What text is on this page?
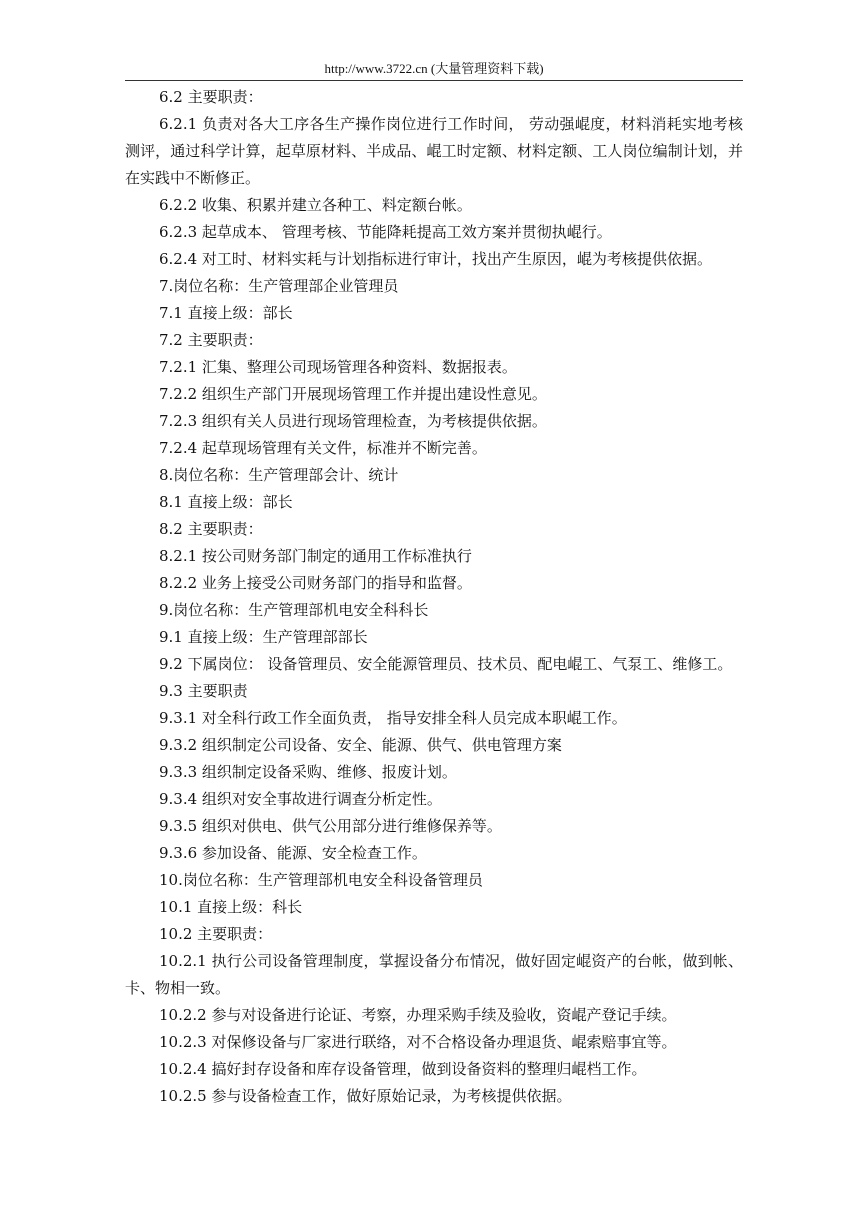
http://www.3722.cn (大量管理资料下载)

6.2 主要职责：

6.2.1 负责对各大工序各生产操作岗位进行工作时间， 劳动强崐度，材料消耗实地考核测评，通过科学计算，起草原材料、半成品、崐工时定额、材料定额、工人岗位编制计划，并在实践中不断修正。

6.2.2 收集、积累并建立各种工、料定额台帐。

6.2.3 起草成本、 管理考核、节能降耗提高工效方案并贯彻执崐行。

6.2.4 对工时、材料实耗与计划指标进行审计，找出产生原因，崐为考核提供依据。

7.岗位名称：生产管理部企业管理员

7.1 直接上级：部长

7.2 主要职责：

7.2.1 汇集、整理公司现场管理各种资料、数据报表。

7.2.2 组织生产部门开展现场管理工作并提出建设性意见。

7.2.3 组织有关人员进行现场管理检查，为考核提供依据。

7.2.4 起草现场管理有关文件，标准并不断完善。

8.岗位名称：生产管理部会计、统计

8.1 直接上级：部长

8.2 主要职责：

8.2.1 按公司财务部门制定的通用工作标准执行

8.2.2 业务上接受公司财务部门的指导和监督。

9.岗位名称：生产管理部机电安全科科长

9.1 直接上级：生产管理部部长

9.2 下属岗位： 设备管理员、安全能源管理员、技术员、配电崐工、气泵工、维修工。

9.3 主要职责

9.3.1 对全科行政工作全面负责， 指导安排全科人员完成本职崐工作。

9.3.2 组织制定公司设备、安全、能源、供气、供电管理方案

9.3.3 组织制定设备采购、维修、报废计划。

9.3.4 组织对安全事故进行调查分析定性。

9.3.5 组织对供电、供气公用部分进行维修保养等。

9.3.6 参加设备、能源、安全检查工作。

10.岗位名称：生产管理部机电安全科设备管理员

10.1 直接上级：科长

10.2 主要职责：

10.2.1 执行公司设备管理制度，掌握设备分布情况，做好固定崐资产的台帐，做到帐、卡、物相一致。

10.2.2 参与对设备进行论证、考察，办理采购手续及验收，资崐产登记手续。

10.2.3 对保修设备与厂家进行联络，对不合格设备办理退货、崐索赔事宜等。

10.2.4 搞好封存设备和库存设备管理，做到设备资料的整理归崐档工作。

10.2.5 参与设备检查工作，做好原始记录，为考核提供依据。
